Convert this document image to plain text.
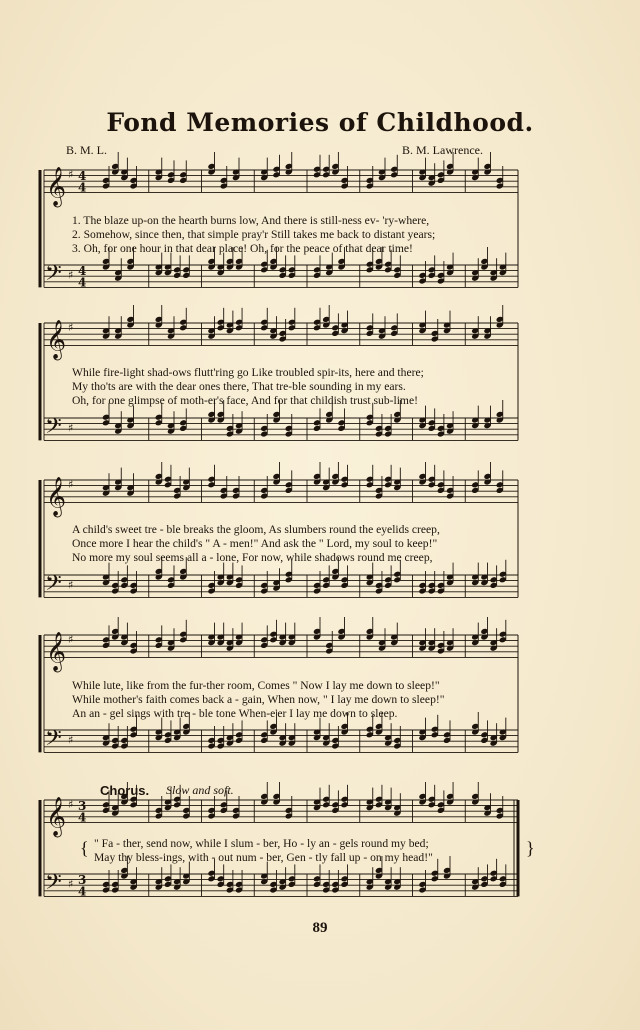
Fond Memories of Childhood.
B. M. L.	B. M. Lawrence.
𝄞 ♯ 4
4
𝄢 ♯ 4
4
𝄞 ♯
𝄢 ♯
𝄞 ♯
𝄢 ♯
𝄞 ♯
𝄢 ♯
𝄞 ♯ 3
4
𝄢 ♯ 3
4
1. The blaze up-on the hearth burns low, And there is still-ness ev- 'ry-where,
2. Somehow, since then, that simple pray'r Still takes me back to distant years;
3. Oh, for one hour in that dear place! Oh, for the peace of that dear time!
While fire-light shad-ows flutt'ring go Like troubled spir-its, here and there;
My tho'ts are with the dear ones there, That tre-ble sounding in my ears.
Oh, for one glimpse of moth-er's face, And for that childish trust sub-lime!
A child's sweet tre - ble breaks the gloom, As slumbers round the eyelids creep,
Once more I hear the child's " A - men!" And ask the " Lord, my soul to keep!"
No more my soul seems all a - lone, For now, while shadows round me creep,
While lute, like from the fur-ther room, Comes " Now I lay me down to sleep!"
While mother's faith comes back a - gain, When now, " I lay me down to sleep!"
An an - gel sings with tre - ble tone When-e'er I lay me down to sleep.
Chorus. Slow and soft.
{	}
" Fa - ther, send now, while I slum - ber, Ho - ly an - gels round my bed;
May thy bless-ings, with - out num - ber, Gen - tly fall up - on my head!"
89
